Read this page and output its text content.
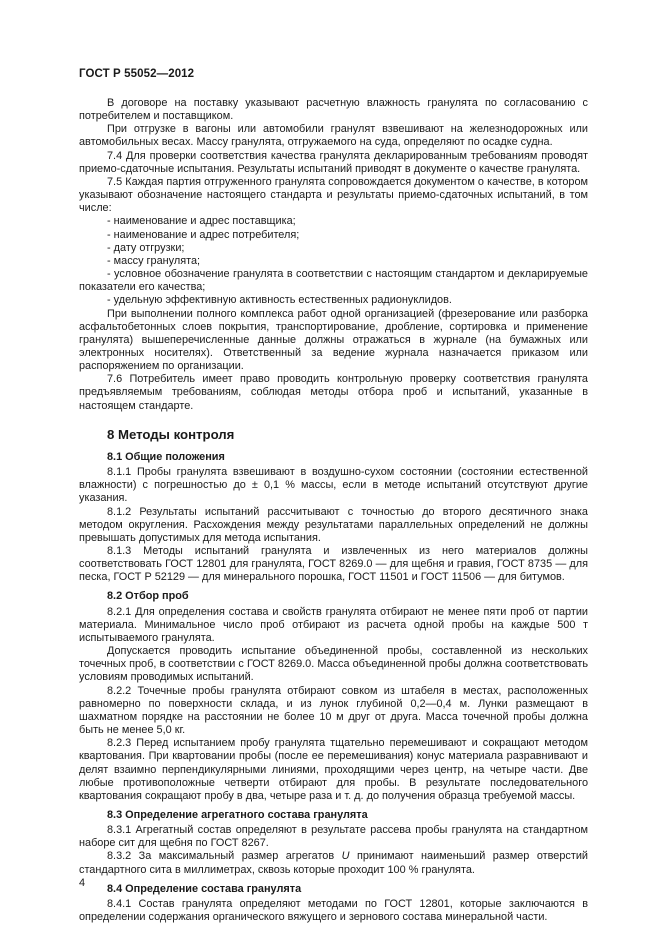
ГОСТ Р 55052—2012

В договоре на поставку указывают расчетную влажность гранулята по согласованию с потребителем и поставщиком.

При отгрузке в вагоны или автомобили гранулят взвешивают на железнодорожных или автомобильных весах. Массу гранулята, отгружаемого на суда, определяют по осадке судна.

7.4 Для проверки соответствия качества гранулята декларированным требованиям проводят приемо-сдаточные испытания. Результаты испытаний приводят в документе о качестве гранулята.

7.5 Каждая партия отгруженного гранулята сопровождается документом о качестве, в котором указывают обозначение настоящего стандарта и результаты приемо-сдаточных испытаний, в том числе:

- наименование и адрес поставщика;

- наименование и адрес потребителя;

- дату отгрузки;

- массу гранулята;

- условное обозначение гранулята в соответствии с настоящим стандартом и декларируемые показатели его качества;

- удельную эффективную активность естественных радионуклидов.

При выполнении полного комплекса работ одной организацией (фрезерование или разборка асфальтобетонных слоев покрытия, транспортирование, дробление, сортировка и применение гранулята) вышеперечисленные данные должны отражаться в журнале (на бумажных или электронных носителях). Ответственный за ведение журнала назначается приказом или распоряжением по организации.

7.6 Потребитель имеет право проводить контрольную проверку соответствия гранулята предъявляемым требованиям, соблюдая методы отбора проб и испытаний, указанные в настоящем стандарте.

8 Методы контроля
8.1 Общие положения

8.1.1 Пробы гранулята взвешивают в воздушно-сухом состоянии (состоянии естественной влажности) с погрешностью до ± 0,1 % массы, если в методе испытаний отсутствуют другие указания.

8.1.2 Результаты испытаний рассчитывают с точностью до второго десятичного знака методом округления. Расхождения между результатами параллельных определений не должны превышать допустимых для метода испытания.

8.1.3 Методы испытаний гранулята и извлеченных из него материалов должны соответствовать ГОСТ 12801 для гранулята, ГОСТ 8269.0 — для щебня и гравия, ГОСТ 8735 — для песка, ГОСТ Р 52129 — для минерального порошка, ГОСТ 11501 и ГОСТ 11506 — для битумов.

8.2 Отбор проб

8.2.1 Для определения состава и свойств гранулята отбирают не менее пяти проб от партии материала. Минимальное число проб отбирают из расчета одной пробы на каждые 500 т испытываемого гранулята.

Допускается проводить испытание объединенной пробы, составленной из нескольких точечных проб, в соответствии с ГОСТ 8269.0. Масса объединенной пробы должна соответствовать условиям проводимых испытаний.

8.2.2 Точечные пробы гранулята отбирают совком из штабеля в местах, расположенных равномерно по поверхности склада, и из лунок глубиной 0,2—0,4 м. Лунки размещают в шахматном порядке на расстоянии не более 10 м друг от друга. Масса точечной пробы должна быть не менее 5,0 кг.

8.2.3 Перед испытанием пробу гранулята тщательно перемешивают и сокращают методом квартования. При квартовании пробы (после ее перемешивания) конус материала разравнивают и делят взаимно перпендикулярными линиями, проходящими через центр, на четыре части. Две любые противоположные четверти отбирают для пробы. В результате последовательного квартования сокращают пробу в два, четыре раза и т. д. до получения образца требуемой массы.

8.3 Определение агрегатного состава гранулята

8.3.1 Агрегатный состав определяют в результате рассева пробы гранулята на стандартном наборе сит для щебня по ГОСТ 8267.

8.3.2 За максимальный размер агрегатов U принимают наименьший размер отверстий стандартного сита в миллиметрах, сквозь которые проходит 100 % гранулята.

8.4 Определение состава гранулята

8.4.1 Состав гранулята определяют методами по ГОСТ 12801, которые заключаются в определении содержания органического вяжущего и зернового состава минеральной части.

4
